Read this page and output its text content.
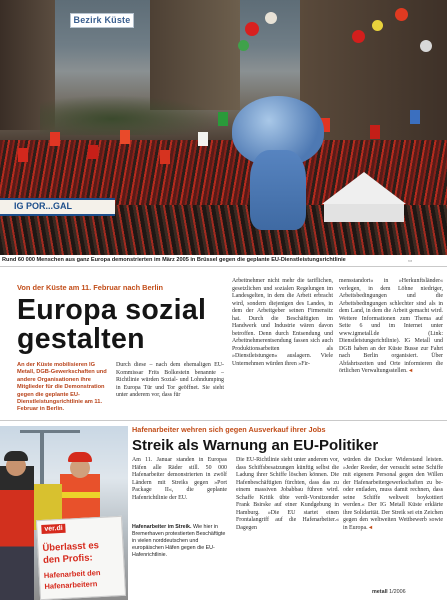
IG POR...GAL
Bezirk Küste
Rund 60 000 Menschen aus ganz Europa demonstrierten im März 2005 in Brüssel gegen die geplante EU-Dienstleistungsrichtlinie	▭
Von der Küste am 11. Februar nach Berlin
Europa sozial
gestalten
An der Küste mobilisieren IG Metall, DGB-Gewerkschaften und andere Organisationen ihre Mitglieder für die Demonstration gegen die geplante EU-Dienstleistungsrichtlinie am 11. Februar in Berlin.
Durch diese – nach dem ehemaligen EU-Kommissar Frits Bolkestein benannte – Richtlinie würden Sozial- und Lohndumping in Europa Tür und Tor geöffnet. Sie sieht unter anderem vor, dass für
Arbeitnehmer nicht mehr die tariflichen, gesetzlichen und sozialen Regelungen im Landesgelten, in dem die Arbeit erbracht wird, sondern diejenigen des Landes, in dem der Arbeitgeber seinen Firmensitz hat. Durch die Beschäftigten im Handwerk und Industrie wären davon betroffen. Denn durch Entsendung und Arbeitnehmerentsendung fassen sich auch Produktionsarbeiten als »Dienstleistungen« auslagern. Viele Unternehmen würden ihren »Fir-
mensstandort« in »Herkunftsländer« verlegen, in dem Löhne niedriger, Arbeitsbedingungen und die Arbeitsbedingungen schlechter sind als in dem Land, in dem die Arbeit gemacht wird. Weitere Informationen zum Thema auf Seite 6 und im Internet unter www.igmetall.de (Link: Dienstleistungsrichtlinie). IG Metall und DGB haben an der Küste Busse zur Fahrt nach Berlin organisiert. Über Abfahrtszeiten und Orte informieren die örtlichen Verwaltungsstellen. ◂
ver.di
Überlasst es
den Profis:
Hafenarbeit den
Hafenarbeitern
Hafenarbeiter wehren sich gegen Ausverkauf ihrer Jobs
Streik als Warnung an EU-Politiker
Am 11. Januar standen in Europas Häfen alle Räder still. 50 000 Hafenarbeiter demonstrierten in zwölf Ländern mit Streiks gegen »Port Package II«, die geplante Hafenrichtlinie der EU.
Hafenarbeiter im Streik. Wie hier in Bremerhaven protestierten Beschäftigte in vielen norddeutschen und europäischen Häfen gegen die EU-Hafenrichtlinie.
Die EU-Richtlinie sieht unter anderem vor, dass Schiffsbesatzungen künftig selbst die Ladung ihrer Schiffe löschen können. Die Hafenbeschäftigten fürchten, dass das zu einem massiven Jobabbau führen wird. Schaffe Kritik übte verdi-Vorsitzender Frank Bsirske auf einer Kundgebung in Hamburg. »Die EU startet einen Frontalangriff auf die Hafenarbeiter.« Dagegen
würden die Docker Widerstand leisten. »Jeder Reeder, der versucht seine Schiffe mit eigenem Personal gegen den Willen der Hafenarbeitergewerkschaften zu be- oder entladen, muss damit rechnen, dass seine Schiffe weltweit boykottiert werden.« Der IG Metall Küste erklärte ihre Solidarität. Der Streik sei ein Zeichen gegen den weltweiten Wettbewerb sowie in Europa. ◂
metall 1/2006
